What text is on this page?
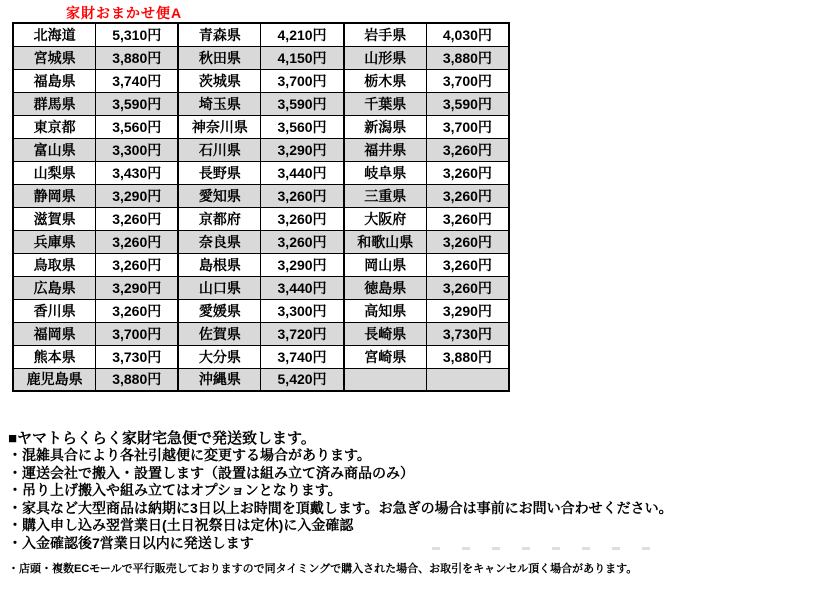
家財おまかせ便A
北海道	5,310円	青森県	4,210円	岩手県	4,030円
宮城県	3,880円	秋田県	4,150円	山形県	3,880円
福島県	3,740円	茨城県	3,700円	栃木県	3,700円
群馬県	3,590円	埼玉県	3,590円	千葉県	3,590円
東京都	3,560円	神奈川県	3,560円	新潟県	3,700円
富山県	3,300円	石川県	3,290円	福井県	3,260円
山梨県	3,430円	長野県	3,440円	岐阜県	3,260円
静岡県	3,290円	愛知県	3,260円	三重県	3,260円
滋賀県	3,260円	京都府	3,260円	大阪府	3,260円
兵庫県	3,260円	奈良県	3,260円	和歌山県	3,260円
鳥取県	3,260円	島根県	3,290円	岡山県	3,260円
広島県	3,290円	山口県	3,440円	徳島県	3,260円
香川県	3,260円	愛媛県	3,300円	高知県	3,290円
福岡県	3,700円	佐賀県	3,720円	長崎県	3,730円
熊本県	3,730円	大分県	3,740円	宮崎県	3,880円
鹿児島県	3,880円	沖縄県	5,420円		
■ヤマトらくらく家財宅急便で発送致します。
・混雑具合により各社引越便に変更する場合があります。
・運送会社で搬入・設置します（設置は組み立て済み商品のみ）
・吊り上げ搬入や組み立てはオプションとなります。
・家具など大型商品は納期に3日以上お時間を頂戴します。お急ぎの場合は事前にお問い合わせください。
・購入申し込み翌営業日(土日祝祭日は定休)に入金確認
・入金確認後7営業日以内に発送します
・店頭・複数ECモールで平行販売しておりますので同タイミングで購入された場合、お取引をキャンセル頂く場合があります。
